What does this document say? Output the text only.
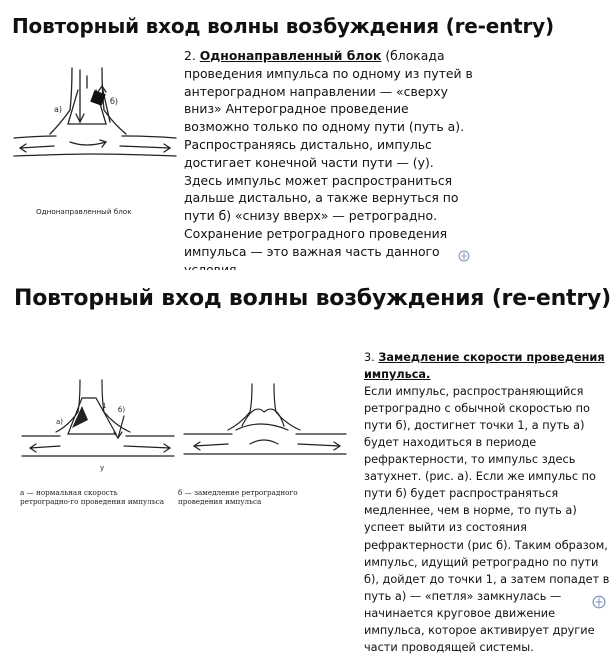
Повторный вход волны возбуждения (re-entry)
а)
б)
Однонаправленный блок
2. Однонаправленный блок (блокада проведения импульса по одному из путей в антероградном направлении — «сверху вниз» Антероградное проведение возможно только по одному пути (путь а). Распространяясь дистально, импульс достигает конечной части пути — (у). Здесь импульс может распространиться дальше дистально, а также вернуться по пути б) «снизу вверх» — ретроградно. Сохранение ретроградного проведения импульса — это важная часть данного
Повторный вход волны возбуждения (re-entry)
а)
б)
1
у
а — нормальная скорость ретроградно-го проведения импульса
б — замедление ретроградного проведения импульса
3. Замедление скорости проведения импульса.
Если импульс, распространяющийся ретроградно с обычной скоростью по пути б), достигнет точки 1, а путь а) будет находиться в периоде рефрактерности, то импульс здесь затухнет. (рис. а). Если же импульс по пути б) будет распространяться медленнее, чем в норме, то путь а) успеет выйти из состояния рефрактерности (рис б). Таким образом, импульс, идущий ретроградно по пути б), дойдет до точки 1, а затем попадет в путь а) — «петля» замкнулась — начинается круговое движение импульса, которое активирует другие части проводящей системы.
